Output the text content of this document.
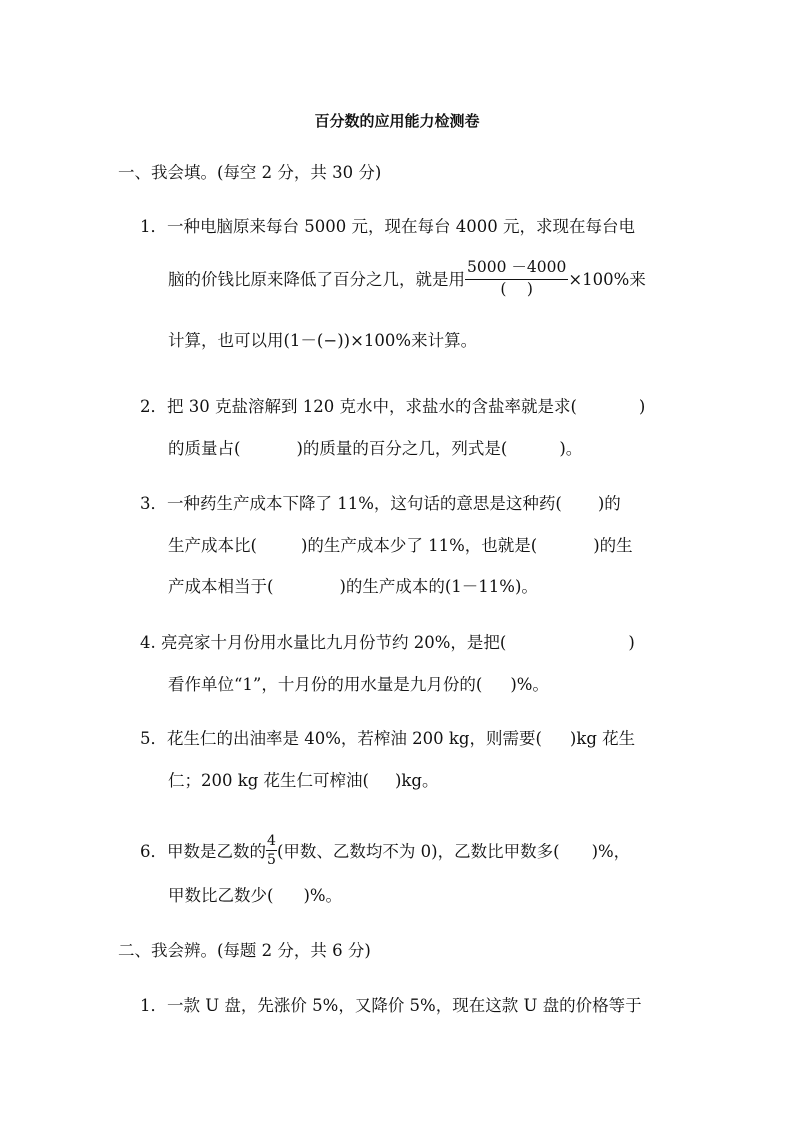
百分数的应用能力检测卷
一、我会填。(每空 2 分，共 30 分)
1．一种电脑原来每台 5000 元，现在每台 4000 元，求现在每台电
脑的价钱比原来降低了百分之几，就是用 $\frac{5000 -4000}{( )} \times 100\%$来
计算，也可以用(1－(−))×100%来计算。
2．把 30 克盐溶解到 120 克水中，求盐水的含盐率就是求(	)
的质量占(	)的质量的百分之几，列式是(	)。
3．一种药生产成本下降了 11%，这句话的意思是这种药( )的
生产成本比(	)的生产成本少了 11%，也就是(	)的生
产成本相当于(	)的生产成本的(1－11%)。
4. 亮亮家十月份用水量比九月份节约 20%，是把(	)
看作单位“1”，十月份的用水量是九月份的( )%。
5．花生仁的出油率是 40%，若榨油 200 kg，则需要( )kg 花生
仁；200 kg 花生仁可榨油( )kg。
6．甲数是乙数的 $\frac{4}{5}$ (甲数、乙数均不为 0)，乙数比甲数多( )%，
甲数比乙数少( )%。
二、我会辨。(每题 2 分，共 6 分)
1．一款 U 盘，先涨价 5%，又降价 5%，现在这款 U 盘的价格等于
